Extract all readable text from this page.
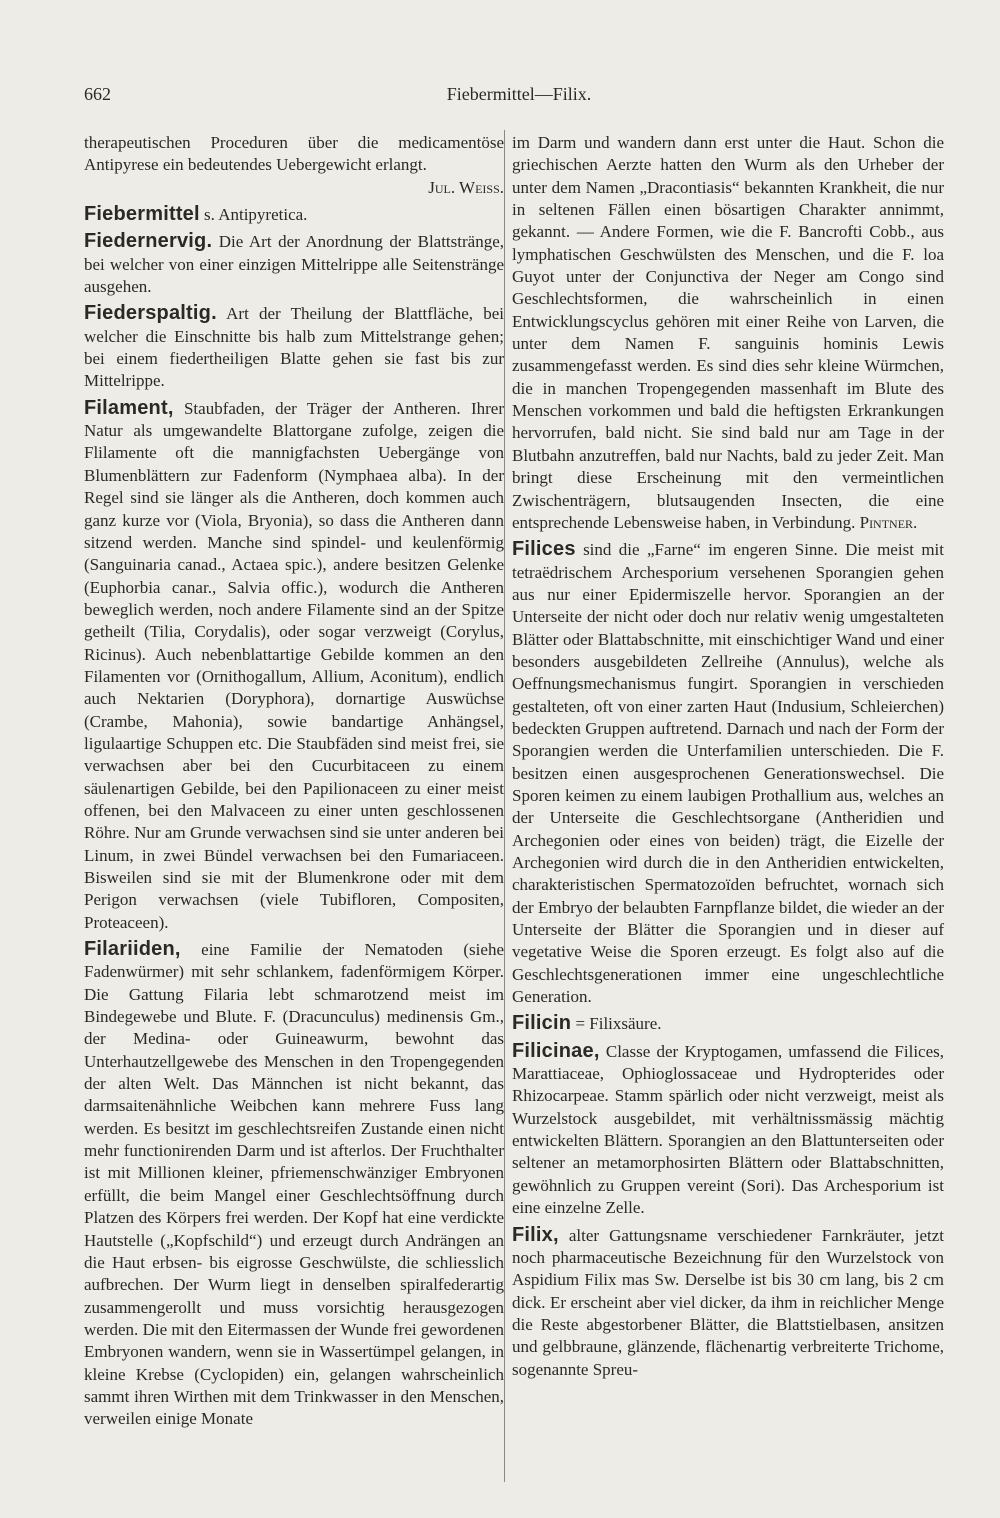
662	Fiebermittel—Filix.

therapeutischen Proceduren über die medicamentöse Antipyrese ein bedeutendes Uebergewicht erlangt.

Jul. Weiss.

Fiebermittel s. Antipyretica.

Fiedernervig. Die Art der Anordnung der Blattstränge, bei welcher von einer einzigen Mittelrippe alle Seitenstränge ausgehen.

Fiederspaltig. Art der Theilung der Blattfläche, bei welcher die Einschnitte bis halb zum Mittelstrange gehen; bei einem fiedertheiligen Blatte gehen sie fast bis zur Mittelrippe.

Filament, Staubfaden, der Träger der Antheren. Ihrer Natur als umgewandelte Blattorgane zufolge, zeigen die Flilamente oft die mannigfachsten Uebergänge von Blumenblättern zur Fadenform (Nymphaea alba). In der Regel sind sie länger als die Antheren, doch kommen auch ganz kurze vor (Viola, Bryonia), so dass die Antheren dann sitzend werden. Manche sind spindel- und keulenförmig (Sanguinaria canad., Actaea spic.), andere besitzen Gelenke (Euphorbia canar., Salvia offic.), wodurch die Antheren beweglich werden, noch andere Filamente sind an der Spitze getheilt (Tilia, Corydalis), oder sogar verzweigt (Corylus, Ricinus). Auch nebenblattartige Gebilde kommen an den Filamenten vor (Ornithogallum, Allium, Aconitum), endlich auch Nektarien (Doryphora), dornartige Auswüchse (Crambe, Mahonia), sowie bandartige Anhängsel, ligulaartige Schuppen etc. Die Staubfäden sind meist frei, sie verwachsen aber bei den Cucurbitaceen zu einem säulenartigen Gebilde, bei den Papilionaceen zu einer meist offenen, bei den Malvaceen zu einer unten geschlossenen Röhre. Nur am Grunde verwachsen sind sie unter anderen bei Linum, in zwei Bündel verwachsen bei den Fumariaceen. Bisweilen sind sie mit der Blumenkrone oder mit dem Perigon verwachsen (viele Tubifloren, Compositen, Proteaceen).

Filariiden, eine Familie der Nematoden (siehe Fadenwürmer) mit sehr schlankem, fadenförmigem Körper. Die Gattung Filaria lebt schmarotzend meist im Bindegewebe und Blute. F. (Dracunculus) medinensis Gm., der Medina- oder Guineawurm, bewohnt das Unterhautzellgewebe des Menschen in den Tropengegenden der alten Welt. Das Männchen ist nicht bekannt, das darmsaitenähnliche Weibchen kann mehrere Fuss lang werden. Es besitzt im geschlechtsreifen Zustande einen nicht mehr functionirenden Darm und ist afterlos. Der Fruchthalter ist mit Millionen kleiner, pfriemenschwänziger Embryonen erfüllt, die beim Mangel einer Geschlechtsöffnung durch Platzen des Körpers frei werden. Der Kopf hat eine verdickte Hautstelle („Kopfschild“) und erzeugt durch Andrängen an die Haut erbsen- bis eigrosse Geschwülste, die schliesslich aufbrechen. Der Wurm liegt in denselben spiralfederartig zusammengerollt und muss vorsichtig herausgezogen werden. Die mit den Eitermassen der Wunde frei gewordenen Embryonen wandern, wenn sie in Wassertümpel gelangen, in kleine Krebse (Cyclopiden) ein, gelangen wahrscheinlich sammt ihren Wirthen mit dem Trinkwasser in den Menschen, verweilen einige Monate

im Darm und wandern dann erst unter die Haut. Schon die griechischen Aerzte hatten den Wurm als den Urheber der unter dem Namen „Dracontiasis“ bekannten Krankheit, die nur in seltenen Fällen einen bösartigen Charakter annimmt, gekannt. — Andere Formen, wie die F. Bancrofti Cobb., aus lymphatischen Geschwülsten des Menschen, und die F. loa Guyot unter der Conjunctiva der Neger am Congo sind Geschlechtsformen, die wahrscheinlich in einen Entwicklungscyclus gehören mit einer Reihe von Larven, die unter dem Namen F. sanguinis hominis Lewis zusammengefasst werden. Es sind dies sehr kleine Würmchen, die in manchen Tropengegenden massenhaft im Blute des Menschen vorkommen und bald die heftigsten Erkrankungen hervorrufen, bald nicht. Sie sind bald nur am Tage in der Blutbahn anzutreffen, bald nur Nachts, bald zu jeder Zeit. Man bringt diese Erscheinung mit den vermeintlichen Zwischenträgern, blutsaugenden Insecten, die eine entsprechende Lebensweise haben, in Verbindung. Pintner.

Filices sind die „Farne“ im engeren Sinne. Die meist mit tetraëdrischem Archesporium versehenen Sporangien gehen aus nur einer Epidermiszelle hervor. Sporangien an der Unterseite der nicht oder doch nur relativ wenig umgestalteten Blätter oder Blattabschnitte, mit einschichtiger Wand und einer besonders ausgebildeten Zellreihe (Annulus), welche als Oeffnungsmechanismus fungirt. Sporangien in verschieden gestalteten, oft von einer zarten Haut (Indusium, Schleierchen) bedeckten Gruppen auftretend. Darnach und nach der Form der Sporangien werden die Unterfamilien unterschieden. Die F. besitzen einen ausgesprochenen Generationswechsel. Die Sporen keimen zu einem laubigen Prothallium aus, welches an der Unterseite die Geschlechtsorgane (Antheridien und Archegonien oder eines von beiden) trägt, die Eizelle der Archegonien wird durch die in den Antheridien entwickelten, charakteristischen Spermatozoïden befruchtet, wornach sich der Embryo der belaubten Farnpflanze bildet, die wieder an der Unterseite der Blätter die Sporangien und in dieser auf vegetative Weise die Sporen erzeugt. Es folgt also auf die Geschlechtsgenerationen immer eine ungeschlechtliche Generation.

Filicin = Filixsäure.

Filicinae, Classe der Kryptogamen, umfassend die Filices, Marattiaceae, Ophioglossaceae und Hydropterides oder Rhizocarpeae. Stamm spärlich oder nicht verzweigt, meist als Wurzelstock ausgebildet, mit verhältnissmässig mächtig entwickelten Blättern. Sporangien an den Blattunterseiten oder seltener an metamorphosirten Blättern oder Blattabschnitten, gewöhnlich zu Gruppen vereint (Sori). Das Archesporium ist eine einzelne Zelle.

Filix, alter Gattungsname verschiedener Farnkräuter, jetzt noch pharmaceutische Bezeichnung für den Wurzelstock von Aspidium Filix mas Sw. Derselbe ist bis 30 cm lang, bis 2 cm dick. Er erscheint aber viel dicker, da ihm in reichlicher Menge die Reste abgestorbener Blätter, die Blattstielbasen, ansitzen und gelbbraune, glänzende, flächenartig verbreiterte Trichome, sogenannte Spreu-
